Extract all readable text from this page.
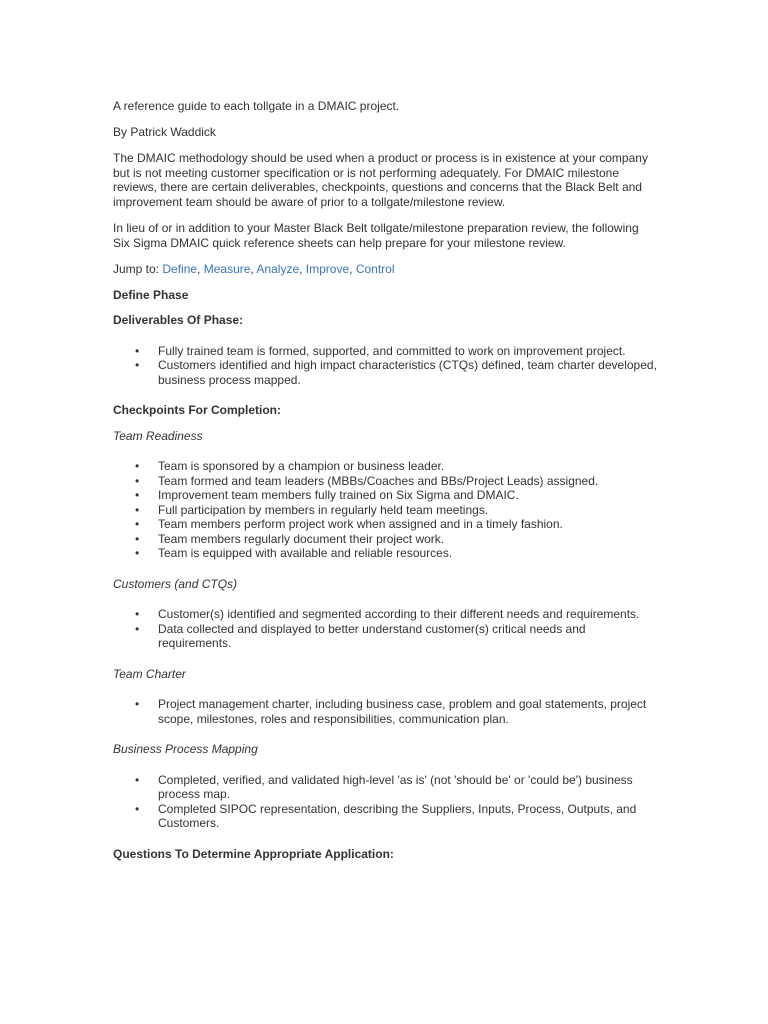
A reference guide to each tollgate in a DMAIC project.

By Patrick Waddick

The DMAIC methodology should be used when a product or process is in existence at your company but is not meeting customer specification or is not performing adequately. For DMAIC milestone reviews, there are certain deliverables, checkpoints, questions and concerns that the Black Belt and improvement team should be aware of prior to a tollgate/milestone review.

In lieu of or in addition to your Master Black Belt tollgate/milestone preparation review, the following Six Sigma DMAIC quick reference sheets can help prepare for your milestone review.

Jump to: Define, Measure, Analyze, Improve, Control

Define Phase

Deliverables Of Phase:

• Fully trained team is formed, supported, and committed to work on improvement project.
• Customers identified and high impact characteristics (CTQs) defined, team charter developed, business process mapped.

Checkpoints For Completion:

Team Readiness

• Team is sponsored by a champion or business leader.
• Team formed and team leaders (MBBs/Coaches and BBs/Project Leads) assigned.
• Improvement team members fully trained on Six Sigma and DMAIC.
• Full participation by members in regularly held team meetings.
• Team members perform project work when assigned and in a timely fashion.
• Team members regularly document their project work.
• Team is equipped with available and reliable resources.

Customers (and CTQs)

• Customer(s) identified and segmented according to their different needs and requirements.
• Data collected and displayed to better understand customer(s) critical needs and requirements.

Team Charter

• Project management charter, including business case, problem and goal statements, project scope, milestones, roles and responsibilities, communication plan.

Business Process Mapping

• Completed, verified, and validated high-level 'as is' (not 'should be' or 'could be') business process map.
• Completed SIPOC representation, describing the Suppliers, Inputs, Process, Outputs, and Customers.

Questions To Determine Appropriate Application:
